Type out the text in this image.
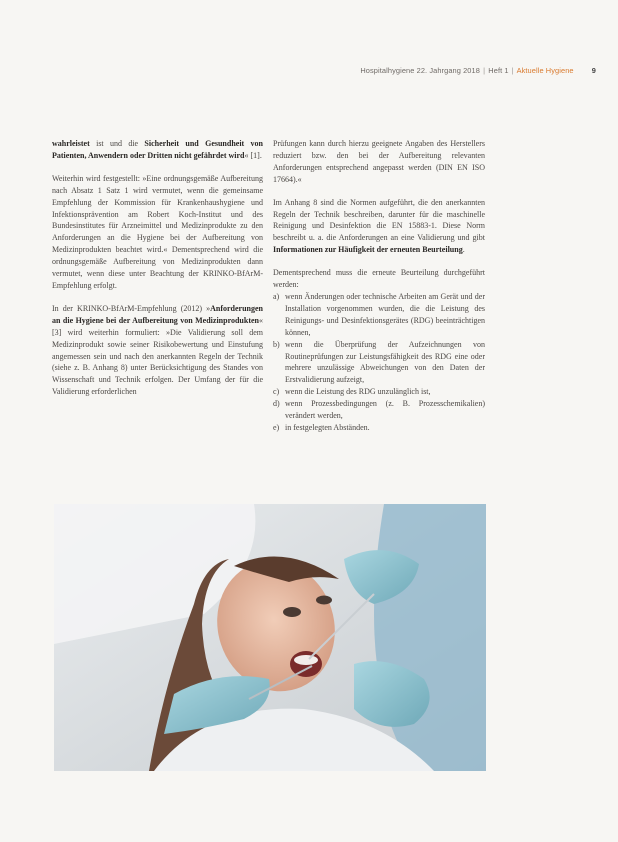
Hospitalhygiene 22. Jahrgang 2018 | Heft 1 | Aktuelle Hygiene 9

wahrleistet ist und die Sicherheit und Gesundheit von Patienten, Anwendern oder Dritten nicht gefährdet wird« [1].

Weiterhin wird festgestellt: »Eine ordnungsgemäße Aufbereitung nach Absatz 1 Satz 1 wird vermutet, wenn die gemeinsame Empfehlung der Kommission für Krankenhaushygiene und Infektionsprävention am Robert Koch-Institut und des Bundesinstitutes für Arzneimittel und Medizinprodukte zu den Anforderungen an die Hygiene bei der Aufbereitung von Medizinprodukten beachtet wird.« Dementsprechend wird die ordnungsgemäße Aufbereitung von Medizinprodukten dann vermutet, wenn diese unter Beachtung der KRINKO-BfArM-Empfehlung erfolgt.

In der KRINKO-BfArM-Empfehlung (2012) »Anforderungen an die Hygiene bei der Aufbereitung von Medizinprodukten« [3] wird weiterhin formuliert: »Die Validierung soll dem Medizinprodukt sowie seiner Risikobewertung und Einstufung angemessen sein und nach den anerkannten Regeln der Technik (siehe z. B. Anhang 8) unter Berücksichtigung des Standes von Wissenschaft und Technik erfolgen. Der Umfang der für die Validierung erforderlichen

Prüfungen kann durch hierzu geeignete Angaben des Herstellers reduziert bzw. den bei der Aufbereitung relevanten Anforderungen entsprechend angepasst werden (DIN EN ISO 17664).«

Im Anhang 8 sind die Normen aufgeführt, die den anerkannten Regeln der Technik beschreiben, darunter für die maschinelle Reinigung und Desinfektion die EN 15883-1. Diese Norm beschreibt u. a. die Anforderungen an eine Validierung und gibt Informationen zur Häufigkeit der erneuten Beurteilung.

Dementsprechend muss die erneute Beurteilung durchgeführt werden:

a) wenn Änderungen oder technische Arbeiten am Gerät und der Installation vorgenommen wurden, die die Leistung des Reinigungs- und Desinfektionsgerätes (RDG) beeinträchtigen können,
b) wenn die Überprüfung der Aufzeichnungen von Routineprüfungen zur Leistungsfähigkeit des RDG eine oder mehrere unzulässige Abweichungen von den Daten der Erstvalidierung aufzeigt,
c) wenn die Leistung des RDG unzulänglich ist,
d) wenn Prozessbedingungen (z. B. Prozesschemikalien) verändert werden,
e) in festgelegten Abständen.
